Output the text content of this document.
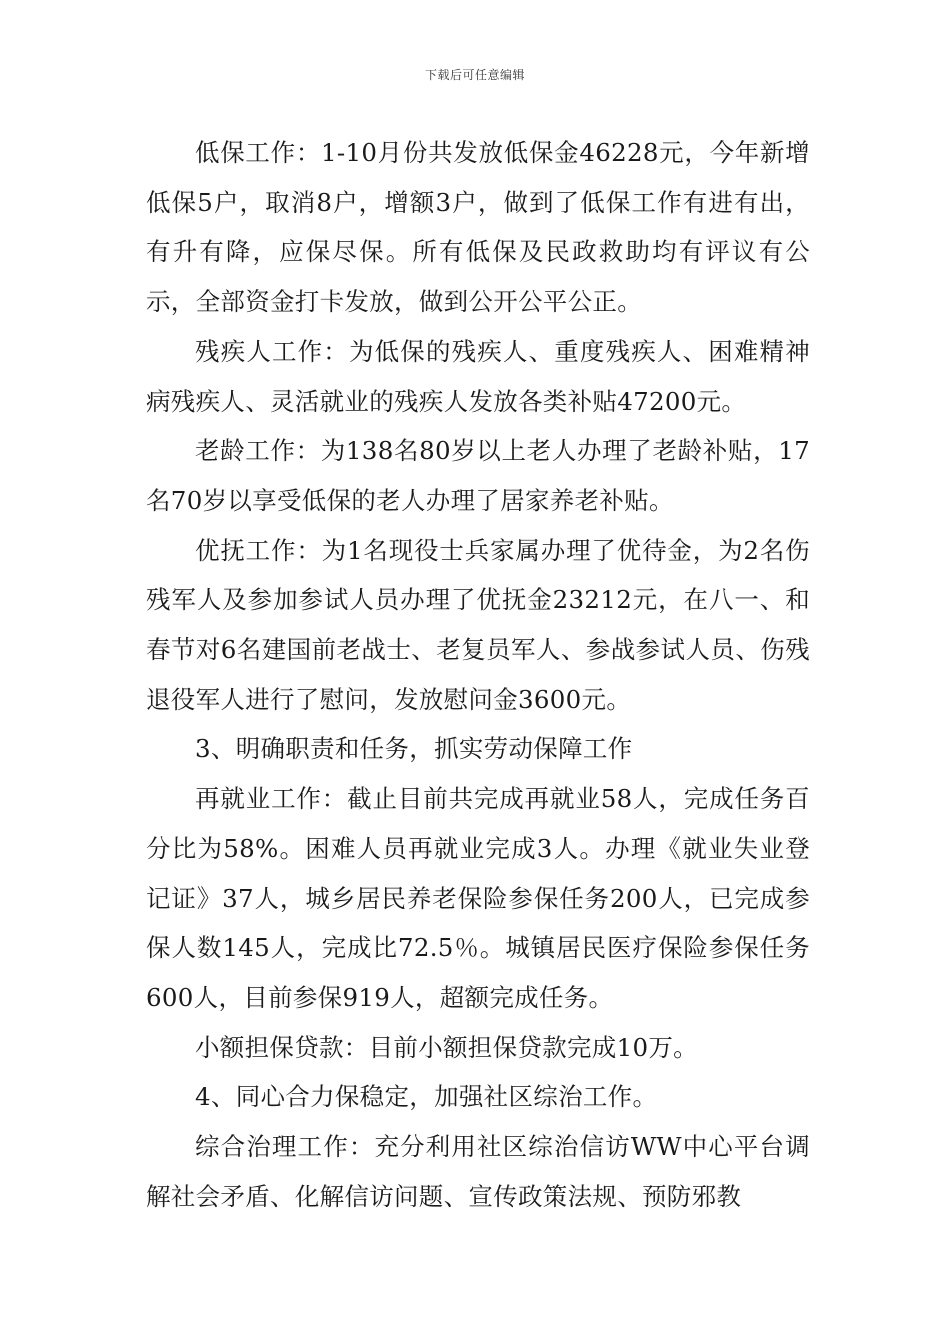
下载后可任意编辑

低保工作：1-10月份共发放低保金46228元，今年新增低保5户，取消8户，增额3户，做到了低保工作有进有出，有升有降，应保尽保。所有低保及民政救助均有评议有公示，全部资金打卡发放，做到公开公平公正。

残疾人工作：为低保的残疾人、重度残疾人、困难精神病残疾人、灵活就业的残疾人发放各类补贴47200元。

老龄工作：为138名80岁以上老人办理了老龄补贴，17名70岁以享受低保的老人办理了居家养老补贴。

优抚工作：为1名现役士兵家属办理了优待金，为2名伤残军人及参加参试人员办理了优抚金23212元，在八一、和春节对6名建国前老战士、老复员军人、参战参试人员、伤残退役军人进行了慰问，发放慰问金3600元。

3、明确职责和任务，抓实劳动保障工作

再就业工作：截止目前共完成再就业58人，完成任务百分比为58%。困难人员再就业完成3人。办理《就业失业登记证》37人，城乡居民养老保险参保任务200人，已完成参保人数145人，完成比72.5％。城镇居民医疗保险参保任务600人，目前参保919人，超额完成任务。

小额担保贷款：目前小额担保贷款完成10万。

4、同心合力保稳定，加强社区综治工作。

综合治理工作：充分利用社区综治信访WW中心平台调解社会矛盾、化解信访问题、宣传政策法规、预防邪教
